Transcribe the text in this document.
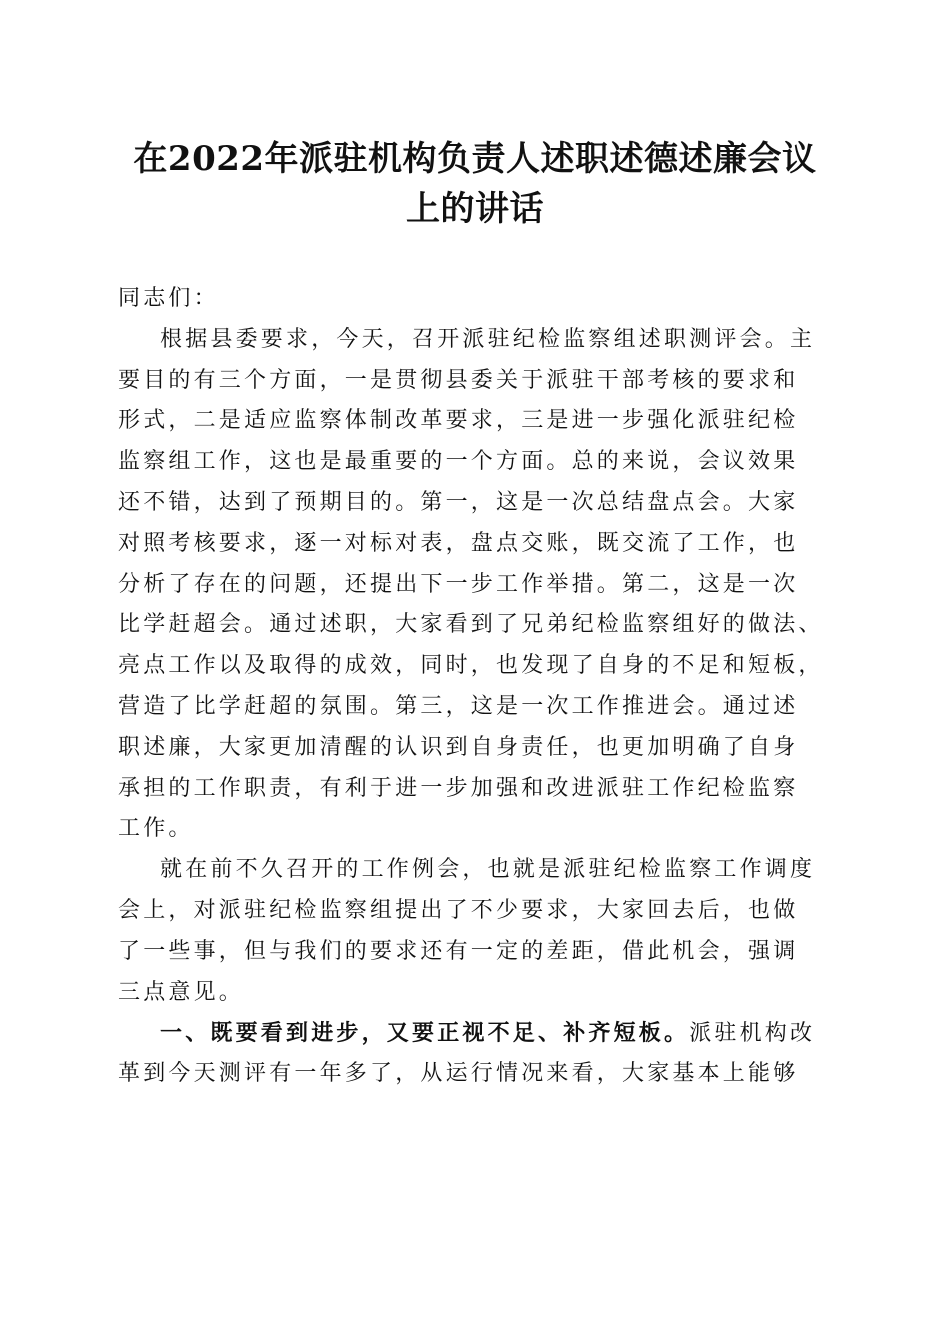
在2022年派驻机构负责人述职述德述廉会议
上的讲话
同志们：
根据县委要求，今天，召开派驻纪检监察组述职测评会。主
要目的有三个方面，一是贯彻县委关于派驻干部考核的要求和
形式，二是适应监察体制改革要求，三是进一步强化派驻纪检
监察组工作，这也是最重要的一个方面。总的来说，会议效果
还不错，达到了预期目的。第一，这是一次总结盘点会。大家
对照考核要求，逐一对标对表，盘点交账，既交流了工作，也
分析了存在的问题，还提出下一步工作举措。第二，这是一次
比学赶超会。通过述职，大家看到了兄弟纪检监察组好的做法、
亮点工作以及取得的成效，同时，也发现了自身的不足和短板，
营造了比学赶超的氛围。第三，这是一次工作推进会。通过述
职述廉，大家更加清醒的认识到自身责任，也更加明确了自身
承担的工作职责，有利于进一步加强和改进派驻工作纪检监察
工作。
就在前不久召开的工作例会，也就是派驻纪检监察工作调度
会上，对派驻纪检监察组提出了不少要求，大家回去后，也做
了一些事，但与我们的要求还有一定的差距，借此机会，强调
三点意见。
一、既要看到进步，又要正视不足、补齐短板。派驻机构改
革到今天测评有一年多了，从运行情况来看，大家基本上能够
